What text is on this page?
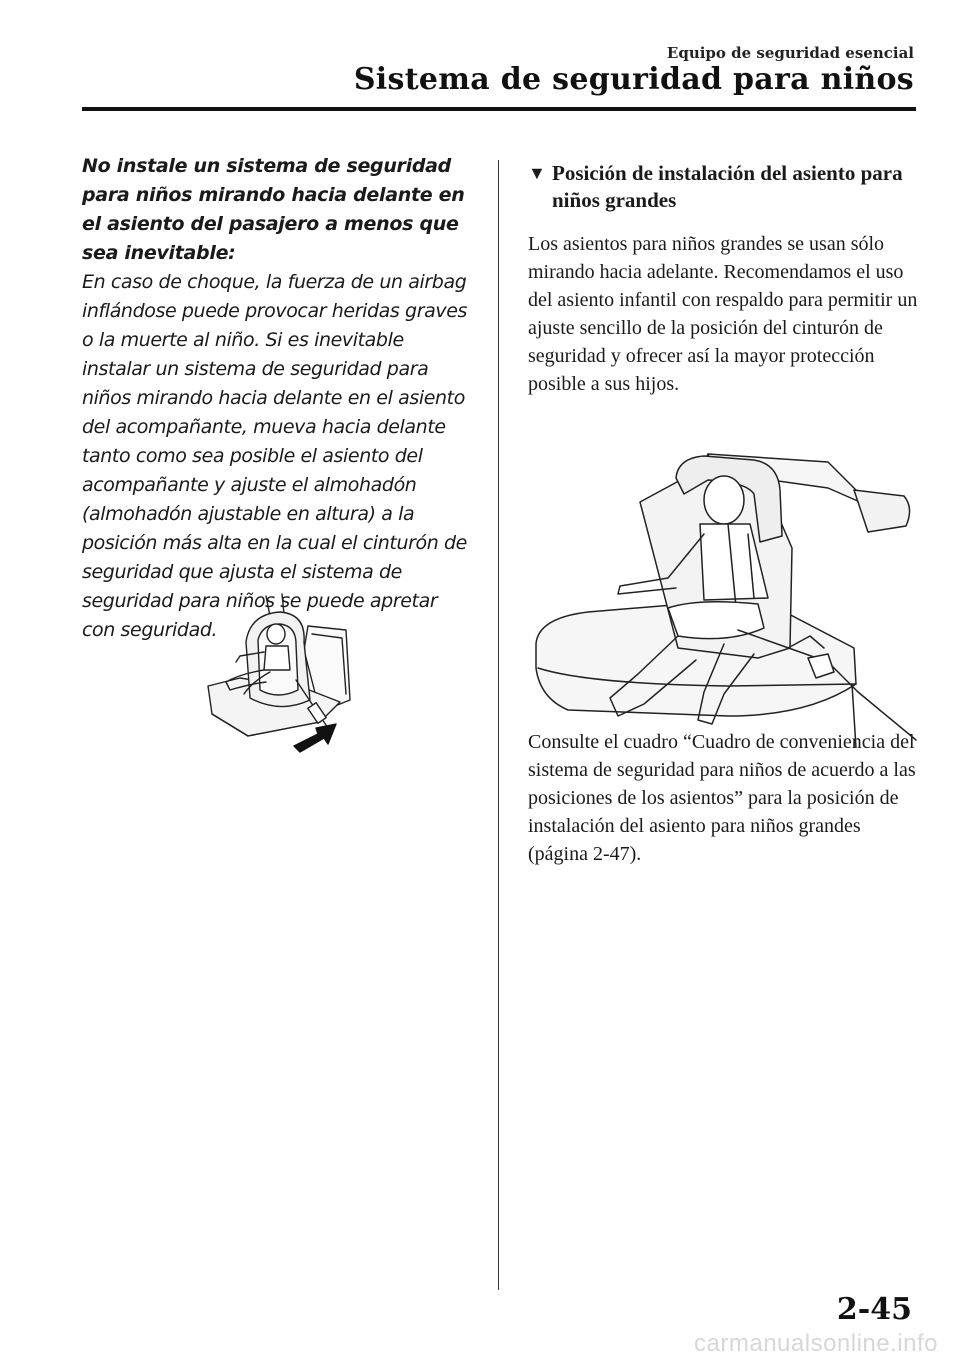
Equipo de seguridad esencial
Sistema de seguridad para niños
No instale un sistema de seguridad para niños mirando hacia delante en el asiento del pasajero a menos que sea inevitable:
En caso de choque, la fuerza de un airbag inflándose puede provocar heridas graves o la muerte al niño. Si es inevitable instalar un sistema de seguridad para niños mirando hacia delante en el asiento del acompañante, mueva hacia delante tanto como sea posible el asiento del acompañante y ajuste el almohadón (almohadón ajustable en altura) a la posición más alta en la cual el cinturón de seguridad que ajusta el sistema de seguridad para niños se puede apretar con seguridad.
▼ Posición de instalación del asiento para niños grandes
Los asientos para niños grandes se usan sólo mirando hacia adelante. Recomendamos el uso del asiento infantil con respaldo para permitir un ajuste sencillo de la posición del cinturón de seguridad y ofrecer así la mayor protección posible a sus hijos.
Consulte el cuadro “Cuadro de conveniencia del sistema de seguridad para niños de acuerdo a las posiciones de los asientos” para la posición de instalación del asiento para niños grandes (página 2-47).
2-45
carmanualsonline.info
